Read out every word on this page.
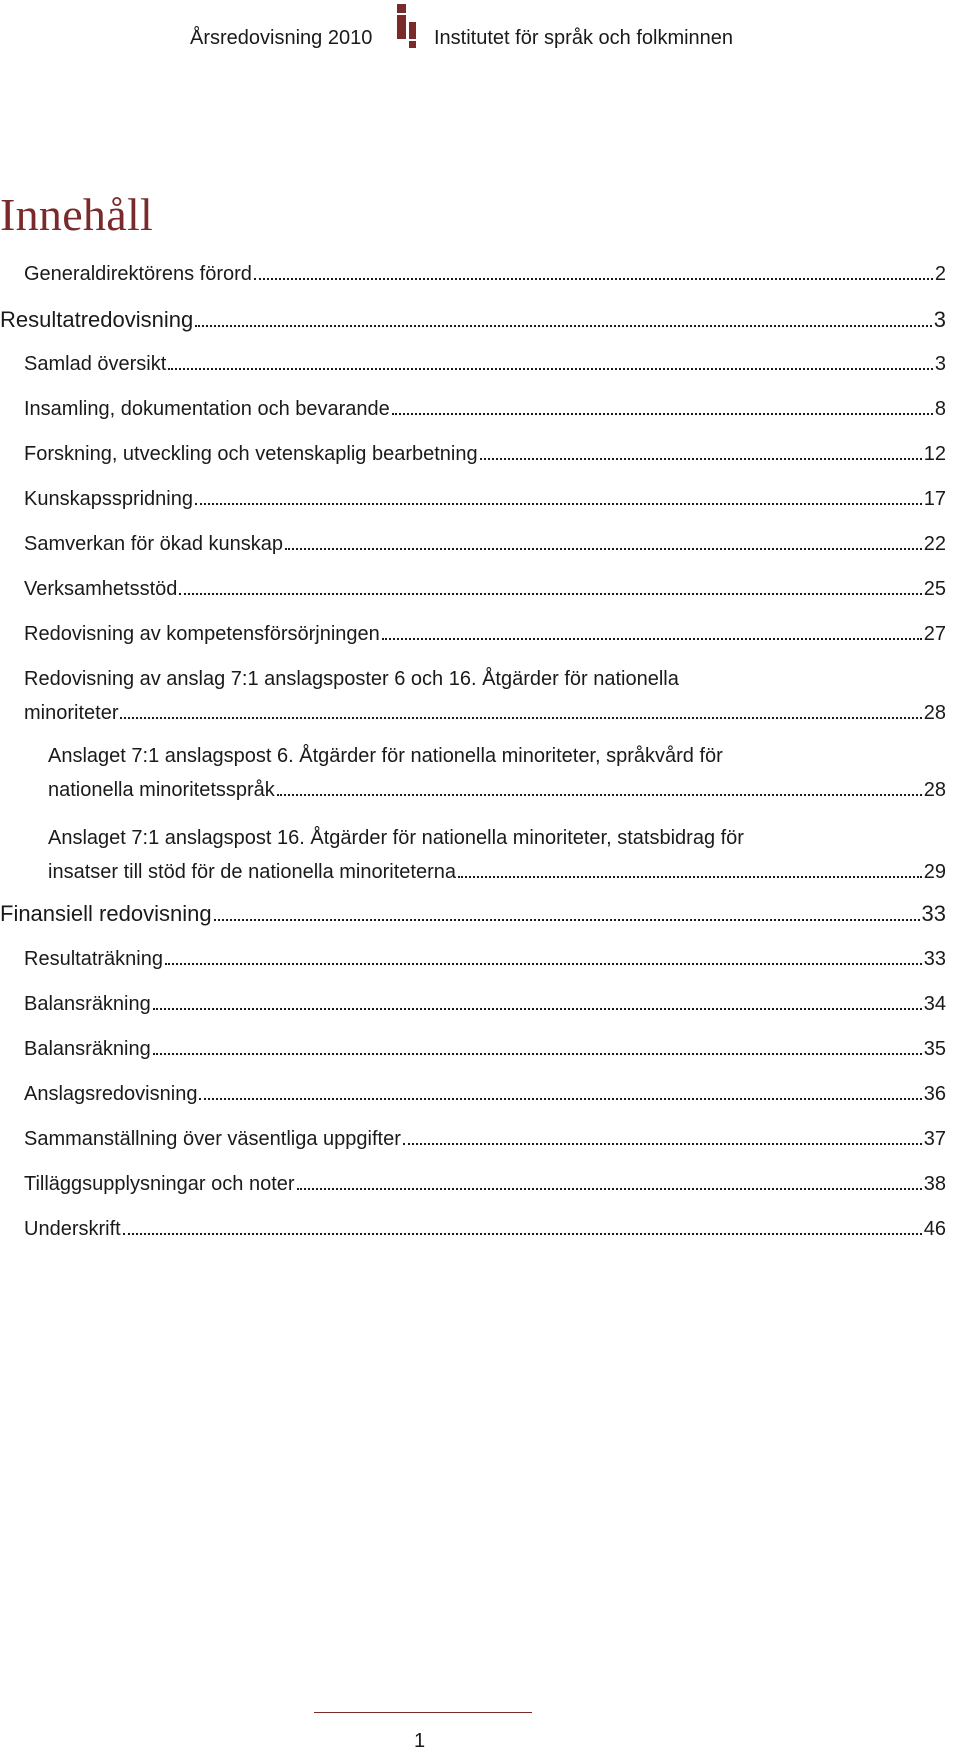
Årsredovisning 2010	Institutet för språk och folkminnen
Innehåll
Generaldirektörens förord	2
Resultatredovisning	3
Samlad översikt	3
Insamling, dokumentation och bevarande	8
Forskning, utveckling och vetenskaplig bearbetning	12
Kunskapsspridning	17
Samverkan för ökad kunskap	22
Verksamhetsstöd	25
Redovisning av kompetensförsörjningen	27
Redovisning av anslag 7:1 anslagsposter 6 och 16. Åtgärder för nationella
minoriteter	28
Anslaget 7:1 anslagspost 6. Åtgärder för nationella minoriteter, språkvård för
nationella minoritetsspråk	28
Anslaget 7:1 anslagspost 16. Åtgärder för nationella minoriteter, statsbidrag för
insatser till stöd för de nationella minoriteterna	29
Finansiell redovisning	33
Resultaträkning	33
Balansräkning	34
Balansräkning	35
Anslagsredovisning	36
Sammanställning över väsentliga uppgifter	37
Tilläggsupplysningar och noter	38
Underskrift	46
1
